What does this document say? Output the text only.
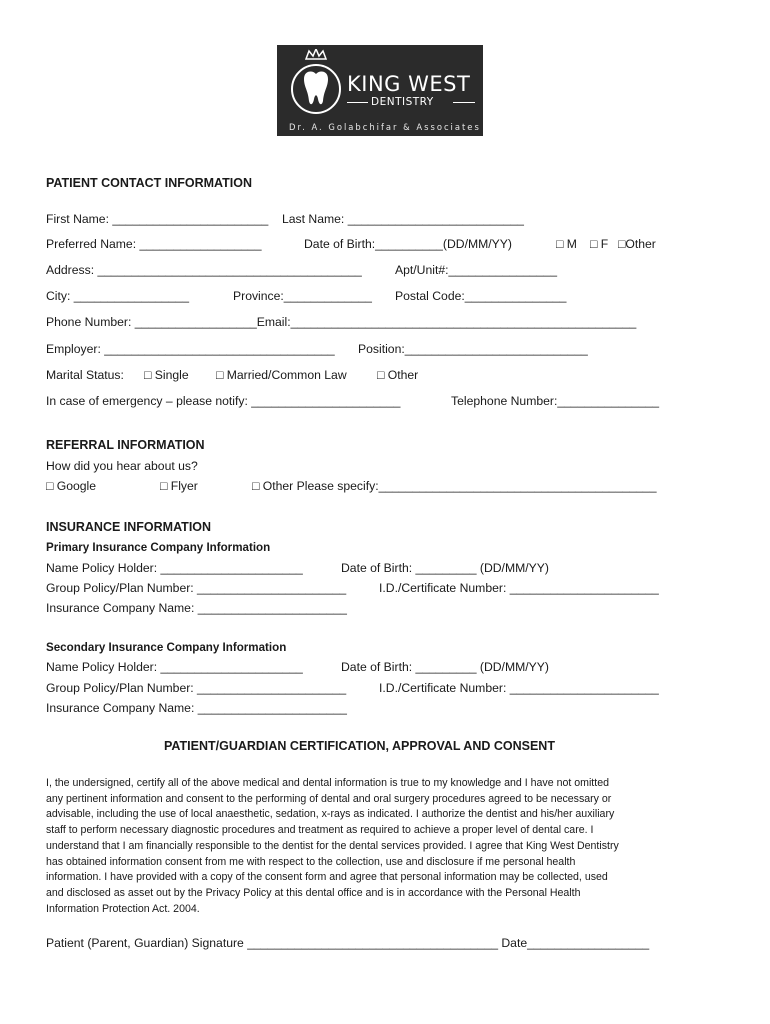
KING WEST
DENTISTRY
Dr. A. Golabchifar & Associates
PATIENT CONTACT INFORMATION
First Name: _______________________ Last Name: __________________________
Preferred Name: __________________	Date of Birth:__________(DD/MM/YY)	□ M □ F □Other
Address: _______________________________________	Apt/Unit#:________________
City: _________________	Province:_____________ Postal Code:_______________
Phone Number: __________________Email:___________________________________________________
Employer: __________________________________ Position:___________________________
Marital Status: □ Single □ Married/Common Law □ Other
In case of emergency – please notify: ______________________	Telephone Number:_______________
REFERRAL INFORMATION
How did you hear about us?
□ Google	□ Flyer	□ Other Please specify:_________________________________________
INSURANCE INFORMATION
Primary Insurance Company Information
Name Policy Holder: _____________________	Date of Birth: _________ (DD/MM/YY)
Group Policy/Plan Number: ______________________	I.D./Certificate Number: ______________________
Insurance Company Name: ______________________
Secondary Insurance Company Information
Name Policy Holder: _____________________	Date of Birth: _________ (DD/MM/YY)
Group Policy/Plan Number: ______________________	I.D./Certificate Number: ______________________
Insurance Company Name: ______________________
PATIENT/GUARDIAN CERTIFICATION, APPROVAL AND CONSENT
I, the undersigned, certify all of the above medical and dental information is true to my knowledge and I have not omitted
any pertinent information and consent to the performing of dental and oral surgery procedures agreed to be necessary or
advisable, including the use of local anaesthetic, sedation, x-rays as indicated. I authorize the dentist and his/her auxiliary
staff to perform necessary diagnostic procedures and treatment as required to achieve a proper level of dental care. I
understand that I am financially responsible to the dentist for the dental services provided. I agree that King West Dentistry
has obtained information consent from me with respect to the collection, use and disclosure if me personal health
information. I have provided with a copy of the consent form and agree that personal information may be collected, used
and disclosed as asset out by the Privacy Policy at this dental office and is in accordance with the Personal Health
Information Protection Act. 2004.
Patient (Parent, Guardian) Signature _____________________________________ Date__________________
